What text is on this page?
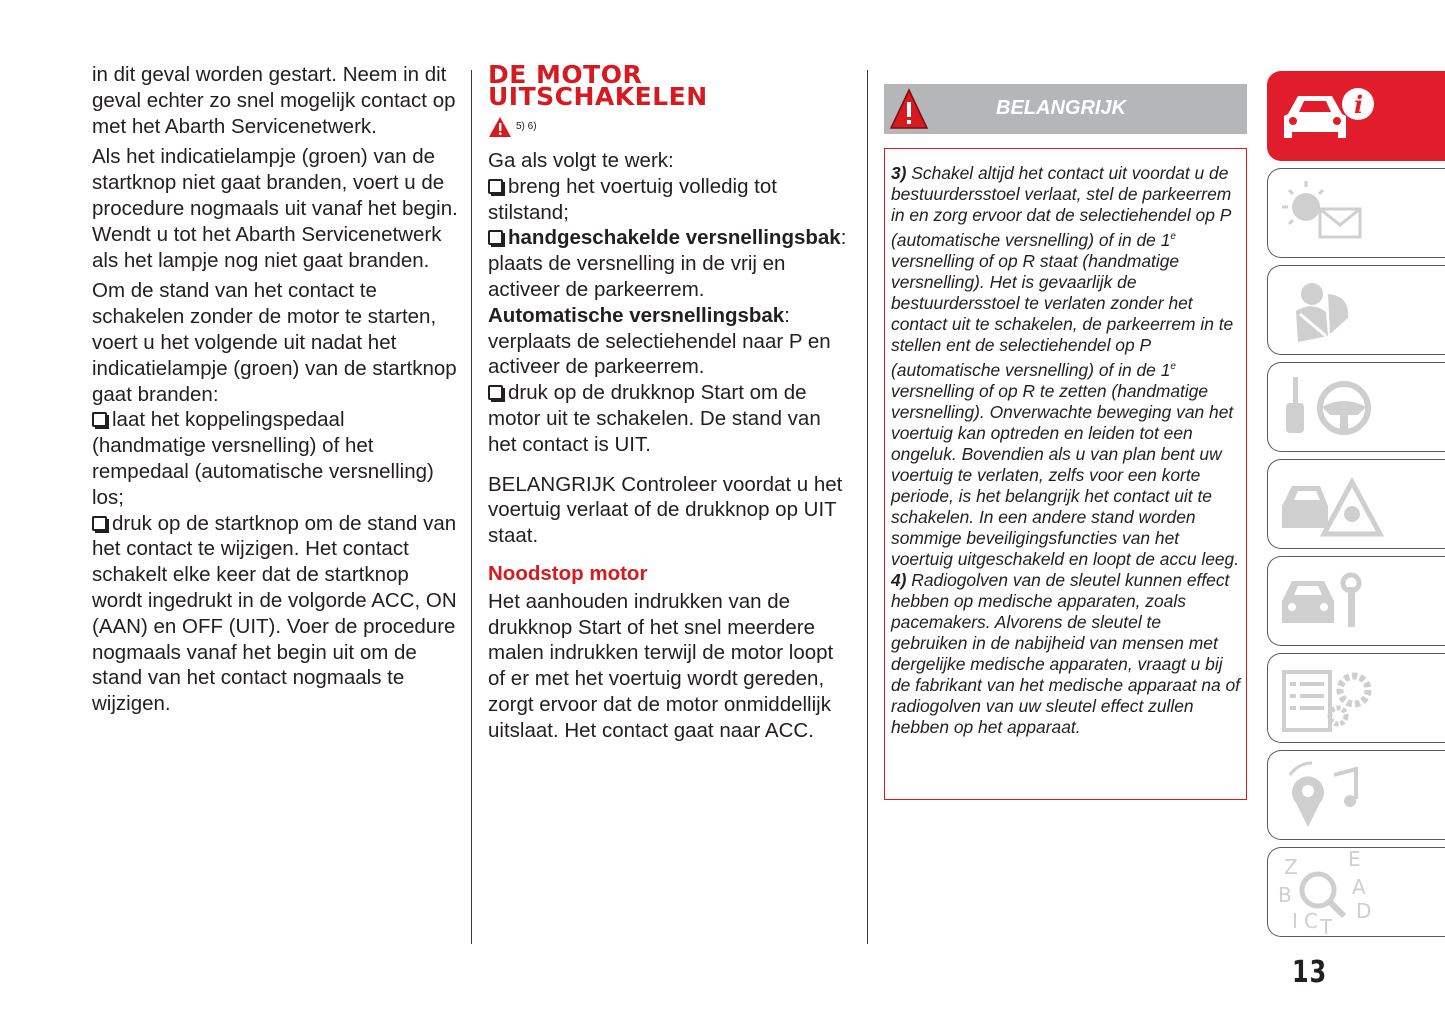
in dit geval worden gestart. Neem in dit geval echter zo snel mogelijk contact op met het Abarth Servicenetwerk.

Als het indicatielampje (groen) van de startknop niet gaat branden, voert u de procedure nogmaals uit vanaf het begin. Wendt u tot het Abarth Servicenetwerk als het lampje nog niet gaat branden.

Om de stand van het contact te schakelen zonder de motor te starten, voert u het volgende uit nadat het indicatielampje (groen) van de startknop gaat branden:
laat het koppelingspedaal (handmatige versnelling) of het rempedaal (automatische versnelling) los;
druk op de startknop om de stand van het contact te wijzigen. Het contact schakelt elke keer dat de startknop wordt ingedrukt in de volgorde ACC, ON (AAN) en OFF (UIT). Voer de procedure nogmaals vanaf het begin uit om de stand van het contact nogmaals te wijzigen.

DE MOTOR
UITSCHAKELEN
5) 6)

Ga als volgt te werk:
breng het voertuig volledig tot stilstand;
handgeschakelde versnellingsbak: plaats de versnelling in de vrij en activeer de parkeerrem.
Automatische versnellingsbak: verplaats de selectiehendel naar P en activeer de parkeerrem.
druk op de drukknop Start om de motor uit te schakelen. De stand van het contact is UIT.

BELANGRIJK Controleer voordat u het voertuig verlaat of de drukknop op UIT staat.

Noodstop motor

Het aanhouden indrukken van de drukknop Start of het snel meerdere malen indrukken terwijl de motor loopt of er met het voertuig wordt gereden, zorgt ervoor dat de motor onmiddellijk uitslaat. Het contact gaat naar ACC.

BELANGRIJK

3) Schakel altijd het contact uit voordat u de bestuurdersstoel verlaat, stel de parkeerrem in en zorg ervoor dat de selectiehendel op P (automatische versnelling) of in de 1e versnelling of op R staat (handmatige versnelling). Het is gevaarlijk de bestuurdersstoel te verlaten zonder het contact uit te schakelen, de parkeerrem in te stellen ent de selectiehendel op P (automatische versnelling) of in de 1e versnelling of op R te zetten (handmatige versnelling). Onverwachte beweging van het voertuig kan optreden en leiden tot een ongeluk. Bovendien als u van plan bent uw voertuig te verlaten, zelfs voor een korte periode, is het belangrijk het contact uit te schakelen. In een andere stand worden sommige beveiligingsfuncties van het voertuig uitgeschakeld en loopt de accu leeg.

4) Radiogolven van de sleutel kunnen effect hebben op medische apparaten, zoals pacemakers. Alvorens de sleutel te gebruiken in de nabijheid van mensen met dergelijke medische apparaten, vraagt u bij de fabrikant van het medische apparaat na of radiogolven van uw sleutel effect zullen hebben op het apparaat.

i
Z	E
A
B
C T
D
I
13
